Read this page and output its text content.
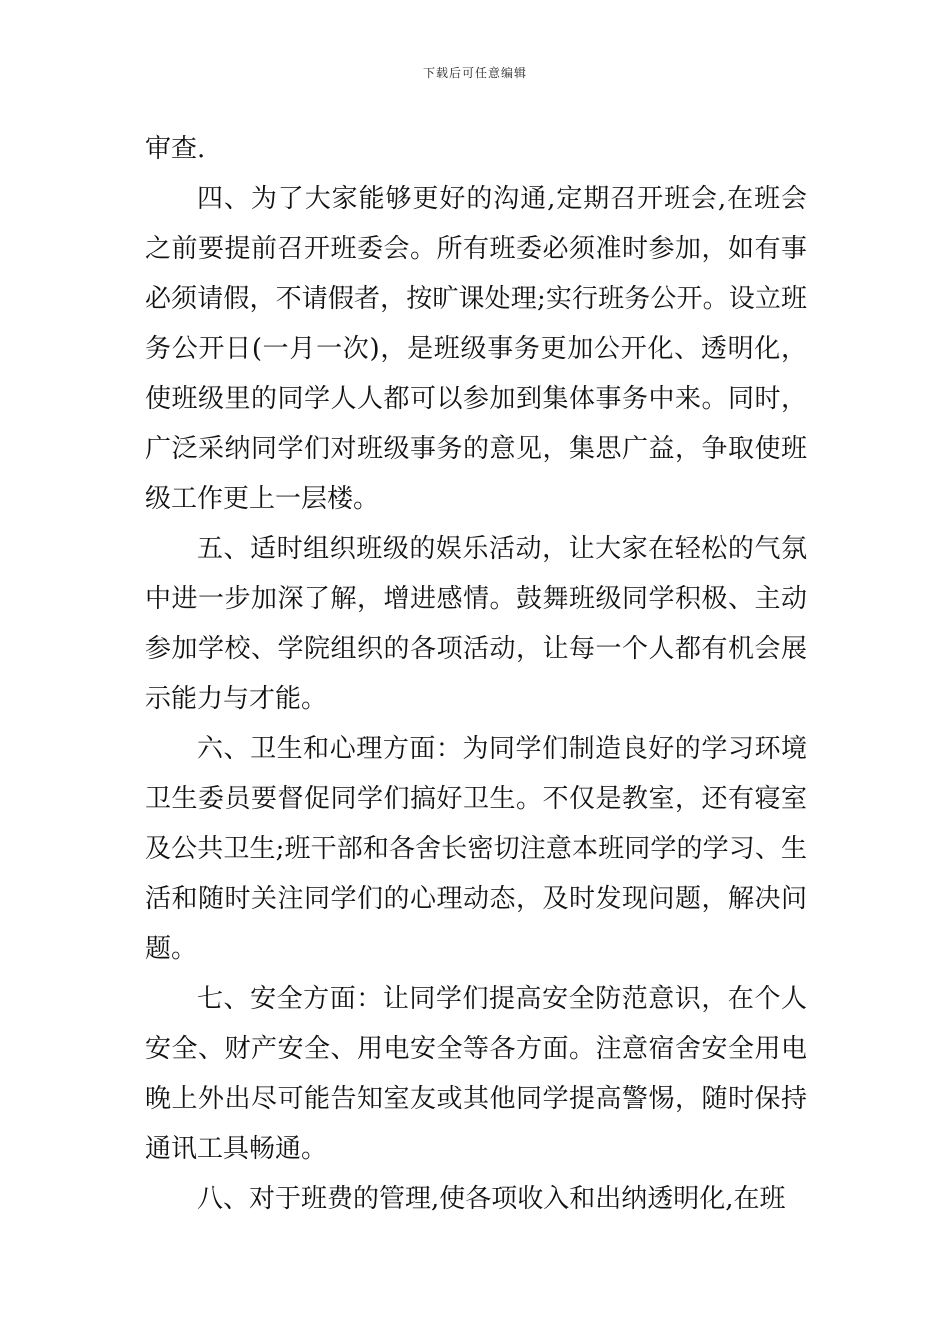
下载后可任意编辑

审查.

四、为了大家能够更好的沟通,定期召开班会,在班会之前要提前召开班委会。所有班委必须准时参加，如有事必须请假，不请假者，按旷课处理;实行班务公开。设立班务公开日(一月一次)，是班级事务更加公开化、透明化，使班级里的同学人人都可以参加到集体事务中来。同时，广泛采纳同学们对班级事务的意见，集思广益，争取使班级工作更上一层楼。

五、适时组织班级的娱乐活动，让大家在轻松的气氛中进一步加深了解，增进感情。鼓舞班级同学积极、主动参加学校、学院组织的各项活动，让每一个人都有机会展示能力与才能。

六、卫生和心理方面：为同学们制造良好的学习环境卫生委员要督促同学们搞好卫生。不仅是教室，还有寝室及公共卫生;班干部和各舍长密切注意本班同学的学习、生活和随时关注同学们的心理动态，及时发现问题，解决问题。

七、安全方面：让同学们提高安全防范意识，在个人安全、财产安全、用电安全等各方面。注意宿舍安全用电晚上外出尽可能告知室友或其他同学提高警惕，随时保持通讯工具畅通。

八、对于班费的管理,使各项收入和出纳透明化,在班
